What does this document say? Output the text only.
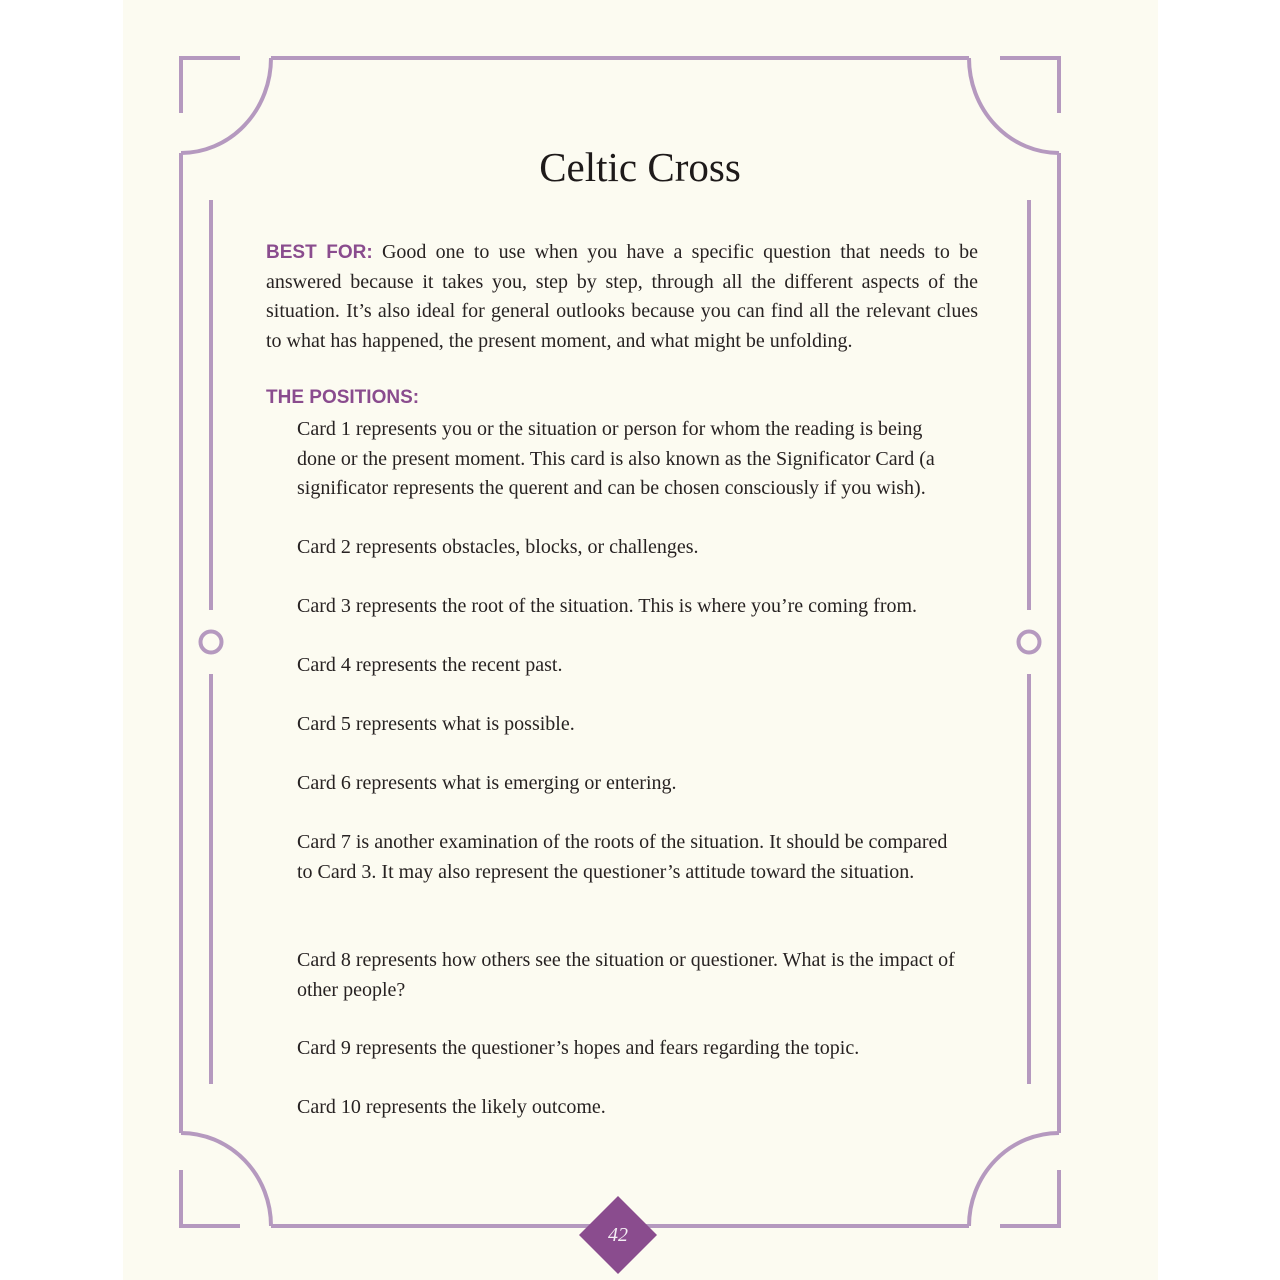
Celtic Cross
BEST FOR: Good one to use when you have a specific question that needs to be answered because it takes you, step by step, through all the different aspects of the situation. It’s also ideal for general outlooks because you can find all the relevant clues to what has happened, the present moment, and what might be unfolding.
THE POSITIONS:
Card 1 represents you or the situation or person for whom the reading is being done or the present moment. This card is also known as the Significator Card (a significator represents the querent and can be chosen consciously if you wish).
Card 2 represents obstacles, blocks, or challenges.
Card 3 represents the root of the situation. This is where you’re coming from.
Card 4 represents the recent past.
Card 5 represents what is possible.
Card 6 represents what is emerging or entering.
Card 7 is another examination of the roots of the situation. It should be compared to Card 3. It may also represent the questioner’s attitude toward the situation.
Card 8 represents how others see the situation or questioner. What is the impact of other people?
Card 9 represents the questioner’s hopes and fears regarding the topic.
Card 10 represents the likely outcome.
42
